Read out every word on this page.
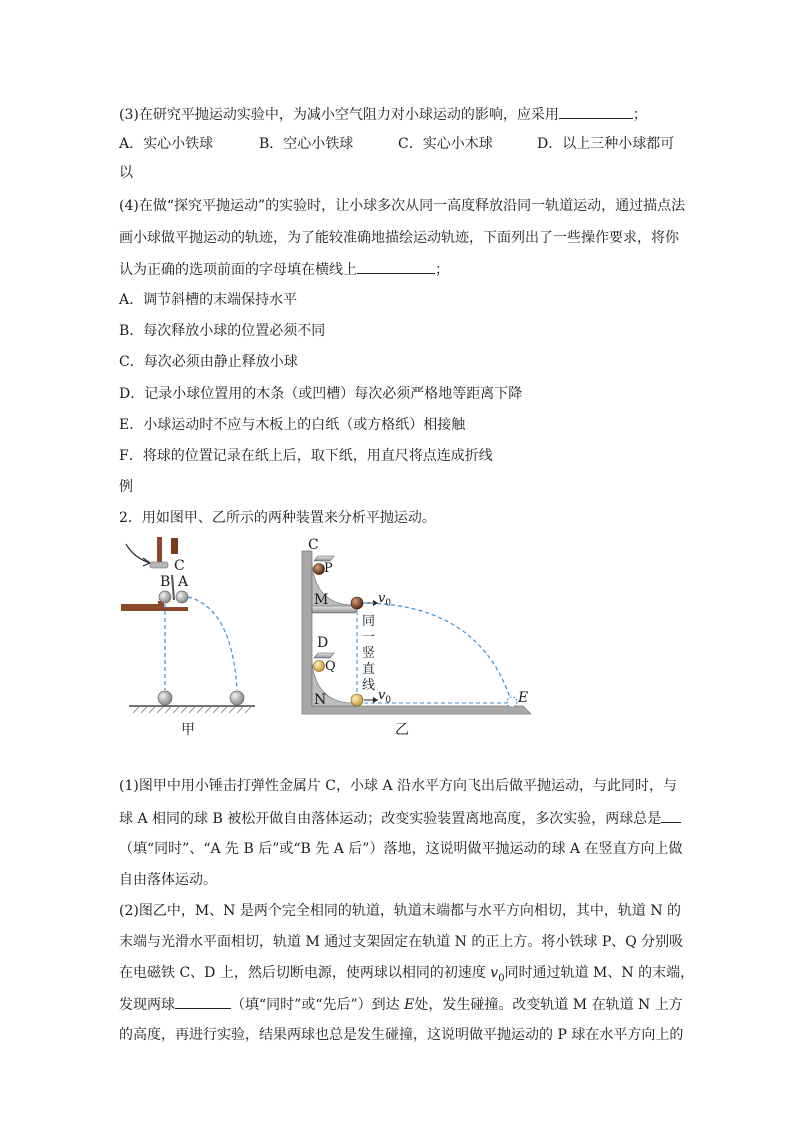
(3)在研究平抛运动实验中，为减小空气阻力对小球运动的影响，应采用	；
A．实心小铁球	B．空心小铁球	C．实心小木球	D．以上三种小球都可
以
(4)在做“探究平抛运动”的实验时，让小球多次从同一高度释放沿同一轨道运动，通过描点法
画小球做平抛运动的轨迹，为了能较准确地描绘运动轨迹，下面列出了一些操作要求，将你
认为正确的选项前面的字母填在横线上	；
A．调节斜槽的末端保持水平
B．每次释放小球的位置必须不同
C．每次必须由静止释放小球
D．记录小球位置用的木条（或凹槽）每次必须严格地等距离下降
E．小球运动时不应与木板上的白纸（或方格纸）相接触
F．将球的位置记录在纸上后，取下纸，用直尺将点连成折线
例
2．用如图甲、乙所示的两种装置来分析平抛运动。
C
B A
甲
C
P
M	$v_0$
D
Q
N	$v_0$	E
同
一
竖
直
线
乙
(1)图甲中用小锤击打弹性金属片 C，小球 A 沿水平方向飞出后做平抛运动，与此同时，与
球 A 相同的球 B 被松开做自由落体运动；改变实验装置离地高度，多次实验，两球总是
（填“同时”、“A 先 B 后”或“B 先 A 后”）落地，这说明做平抛运动的球 A 在竖直方向上做
自由落体运动。
(2)图乙中，M、N 是两个完全相同的轨道，轨道末端都与水平方向相切，其中，轨道 N 的
末端与光滑水平面相切，轨道 M 通过支架固定在轨道 N 的正上方。将小铁球 P、Q 分别吸
在电磁铁 C、D 上，然后切断电源，使两球以相同的初速度 $v_0$同时通过轨道 M、N 的末端，
发现两球	（填“同时”或“先后”）到达 E处，发生碰撞。改变轨道 M 在轨道 N 上方
的高度，再进行实验，结果两球也总是发生碰撞，这说明做平抛运动的 P 球在水平方向上的
